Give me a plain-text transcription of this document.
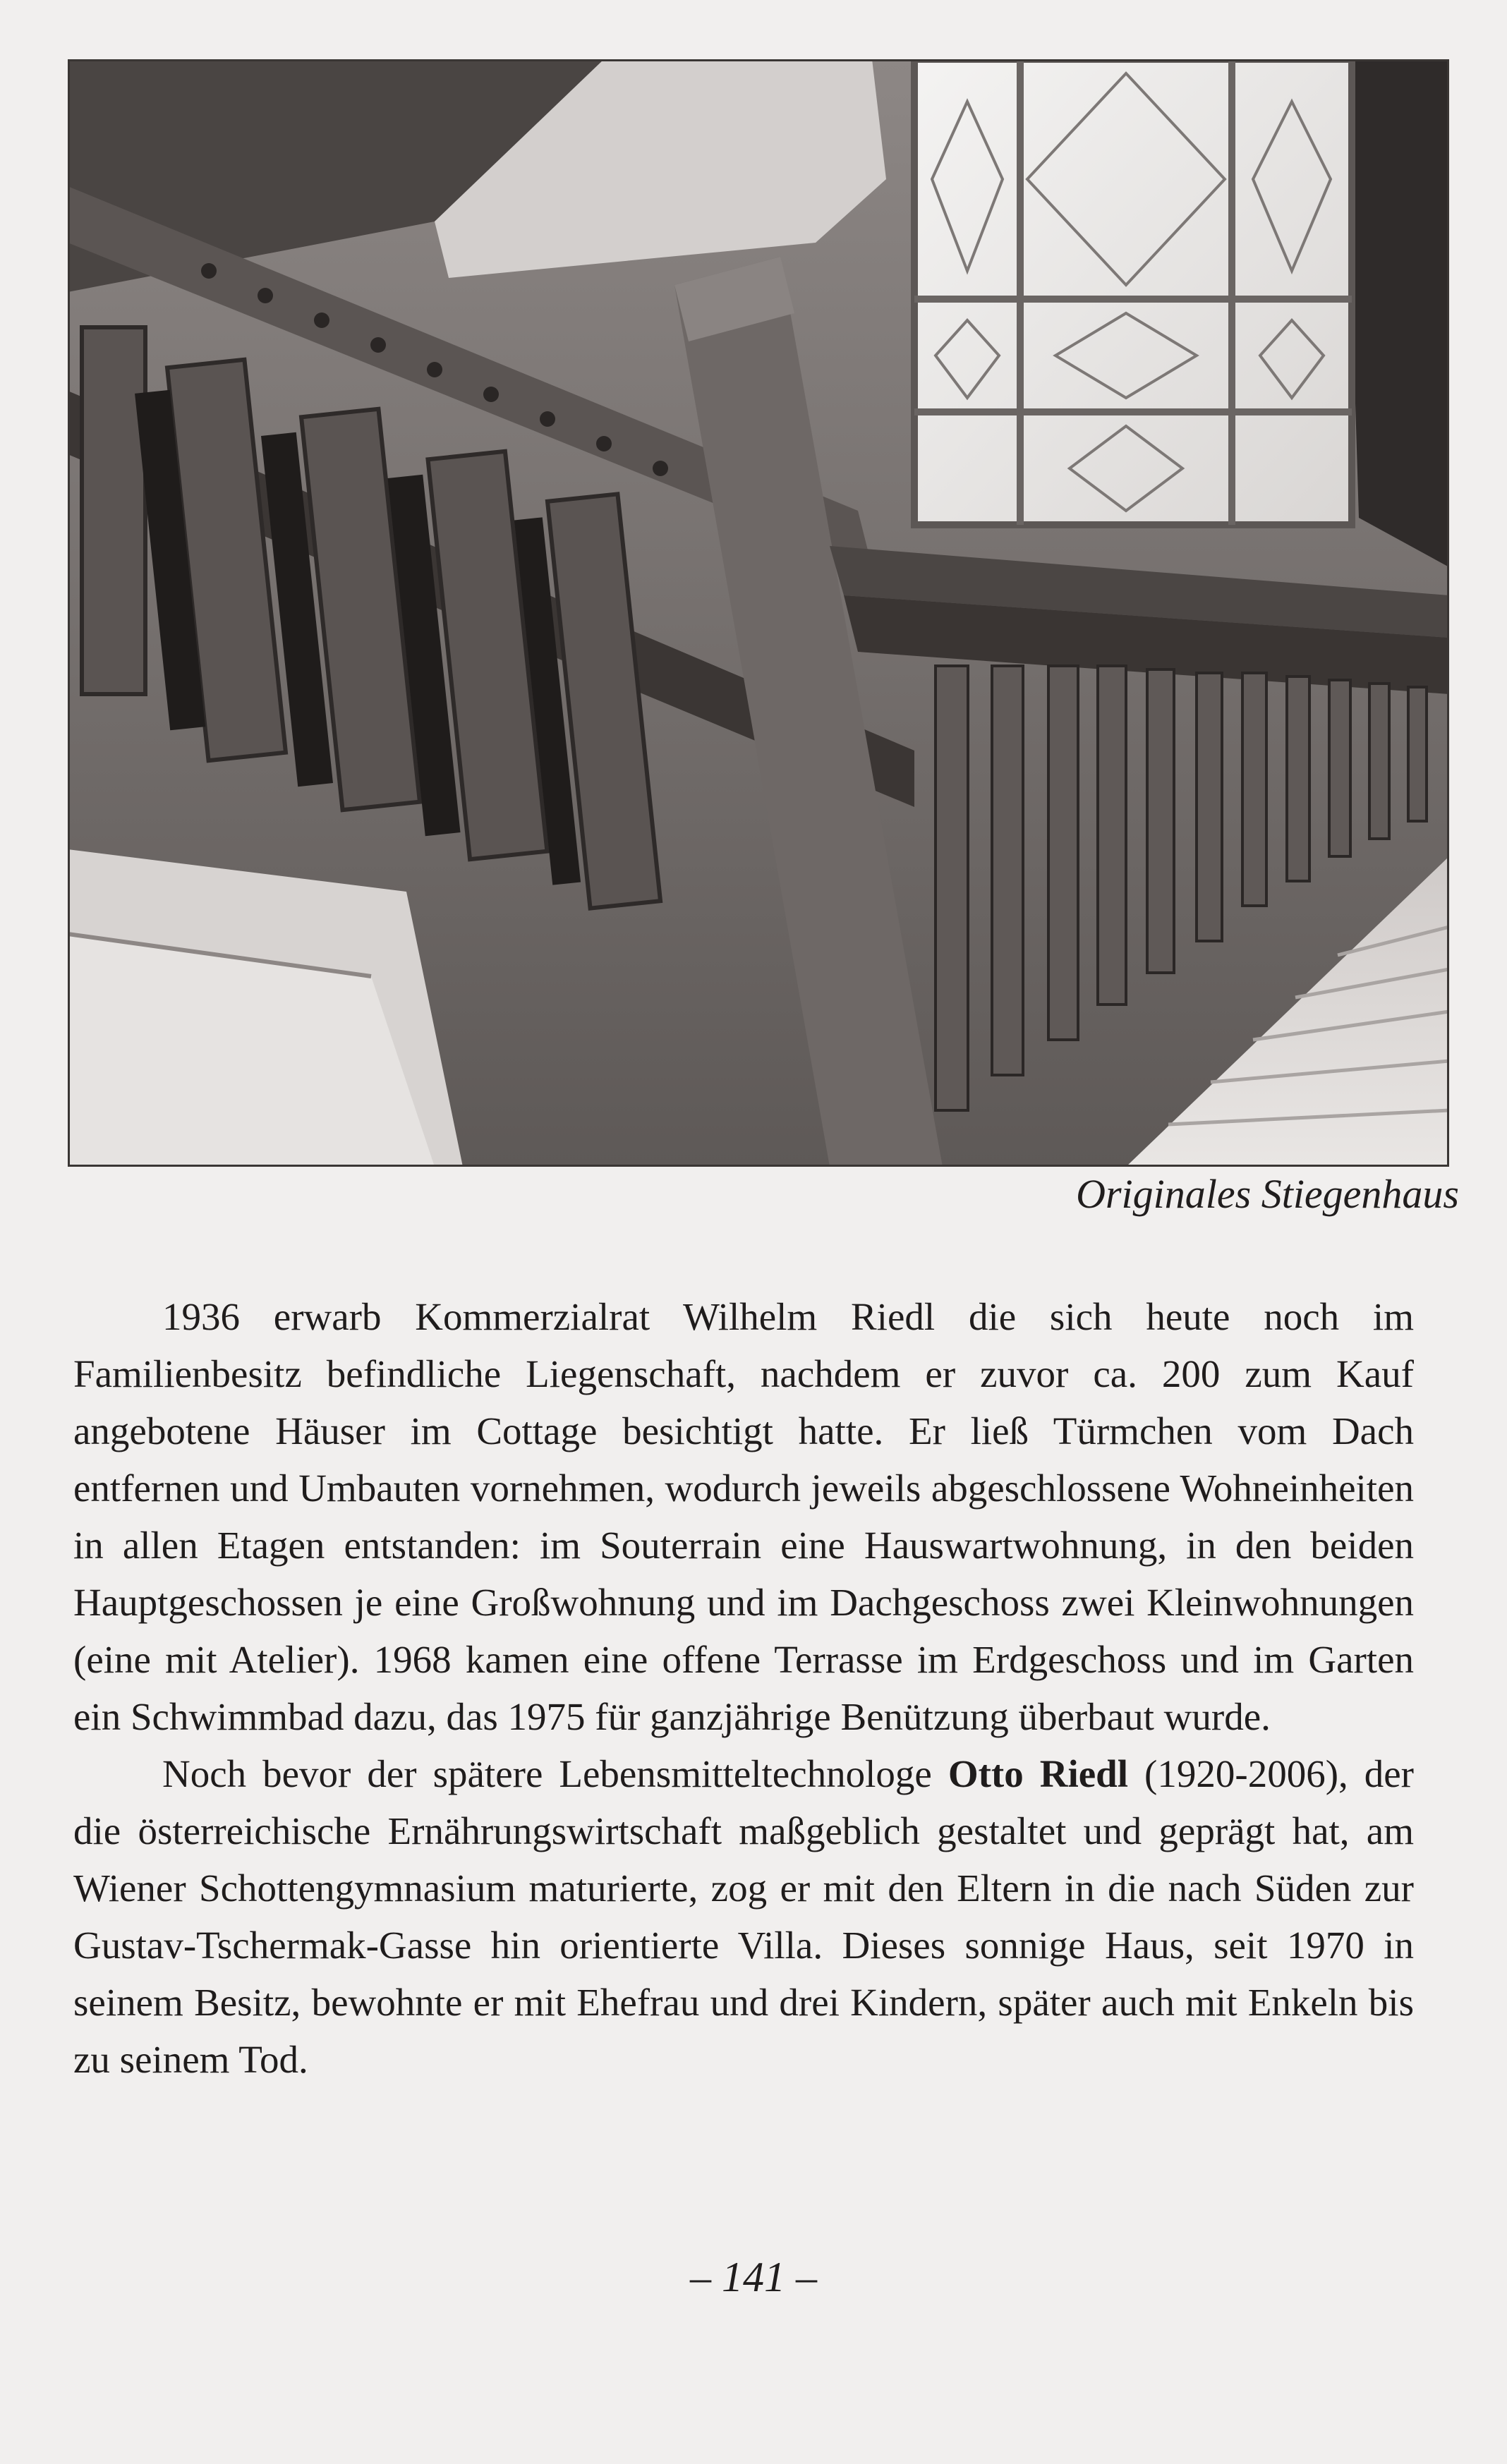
Originales Stiegenhaus

1936 erwarb Kommerzialrat Wilhelm Riedl die sich heute noch im Familienbesitz befindliche Liegenschaft, nachdem er zuvor ca. 200 zum Kauf angebotene Häuser im Cottage besichtigt hatte. Er ließ Türmchen vom Dach entfernen und Umbauten vornehmen, wodurch jeweils abgeschlossene Wohneinheiten in allen Etagen entstanden: im Souterrain eine Hauswartwohnung, in den beiden Hauptgeschossen je eine Großwohnung und im Dachgeschoss zwei Kleinwohnungen (eine mit Atelier). 1968 kamen eine offene Terrasse im Erdgeschoss und im Garten ein Schwimmbad dazu, das 1975 für ganzjährige Benützung überbaut wurde.

Noch bevor der spätere Lebensmitteltechnologe Otto Riedl (1920-2006), der die österreichische Ernährungswirtschaft maßgeblich gestaltet und geprägt hat, am Wiener Schottengymnasium maturierte, zog er mit den Eltern in die nach Süden zur Gustav-Tschermak-Gasse hin orientierte Villa. Dieses sonnige Haus, seit 1970 in seinem Besitz, bewohnte er mit Ehefrau und drei Kindern, später auch mit Enkeln bis zu seinem Tod.

– 141 –
